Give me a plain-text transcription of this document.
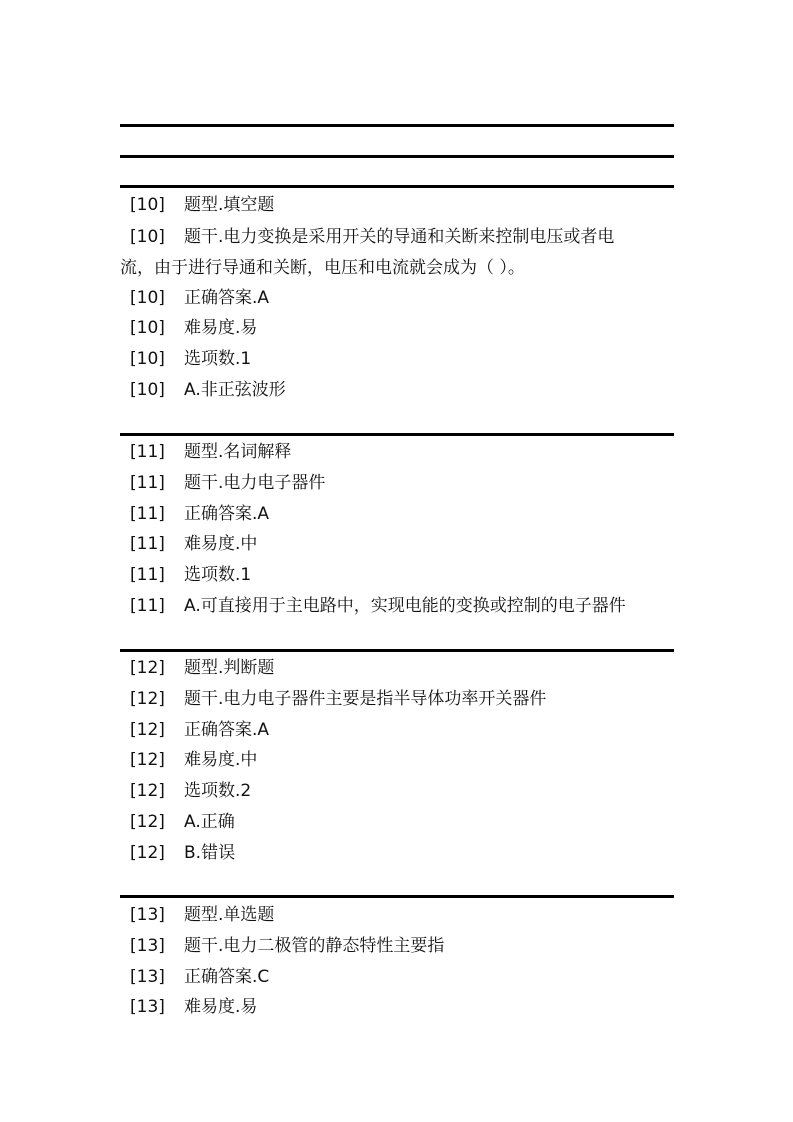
[10] 题型.填空题
[10] 题干.电力变换是采用开关的导通和关断来控制电压或者电
流，由于进行导通和关断，电压和电流就会成为（ ）。
[10] 正确答案.A
[10] 难易度.易
[10] 选项数.1
[10] A.非正弦波形
[11] 题型.名词解释
[11] 题干.电力电子器件
[11] 正确答案.A
[11] 难易度.中
[11] 选项数.1
[11] A.可直接用于主电路中，实现电能的变换或控制的电子器件
[12] 题型.判断题
[12] 题干.电力电子器件主要是指半导体功率开关器件
[12] 正确答案.A
[12] 难易度.中
[12] 选项数.2
[12] A.正确
[12] B.错误
[13] 题型.单选题
[13] 题干.电力二极管的静态特性主要指
[13] 正确答案.C
[13] 难易度.易
